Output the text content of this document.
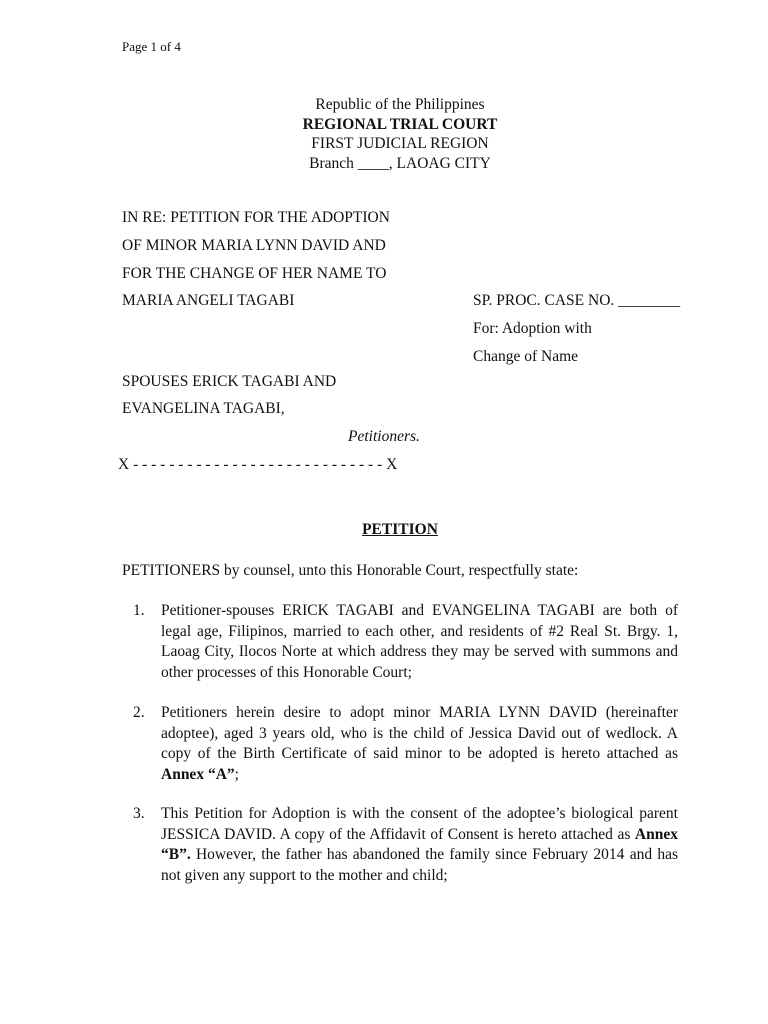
Page 1 of 4
Republic of the Philippines
REGIONAL TRIAL COURT
FIRST JUDICIAL REGION
Branch ____, LAOAG CITY
IN RE: PETITION FOR THE ADOPTION
OF MINOR MARIA LYNN DAVID AND
FOR THE CHANGE OF HER NAME TO
MARIA ANGELI TAGABI	SP. PROC. CASE NO. ________
For: Adoption with
Change of Name
SPOUSES ERICK TAGABI AND
EVANGELINA TAGABI,
Petitioners.
X - - - - - - - - - - - - - - - - - - - - - - - - - - - - X
PETITION
PETITIONERS by counsel, unto this Honorable Court, respectfully state:
1. Petitioner-spouses ERICK TAGABI and EVANGELINA TAGABI are both of legal age, Filipinos, married to each other, and residents of #2 Real St. Brgy. 1, Laoag City, Ilocos Norte at which address they may be served with summons and other processes of this Honorable Court;
2. Petitioners herein desire to adopt minor MARIA LYNN DAVID (hereinafter adoptee), aged 3 years old, who is the child of Jessica David out of wedlock. A copy of the Birth Certificate of said minor to be adopted is hereto attached as Annex “A”;
3. This Petition for Adoption is with the consent of the adoptee’s biological parent JESSICA DAVID. A copy of the Affidavit of Consent is hereto attached as Annex “B”. However, the father has abandoned the family since February 2014 and has not given any support to the mother and child;
